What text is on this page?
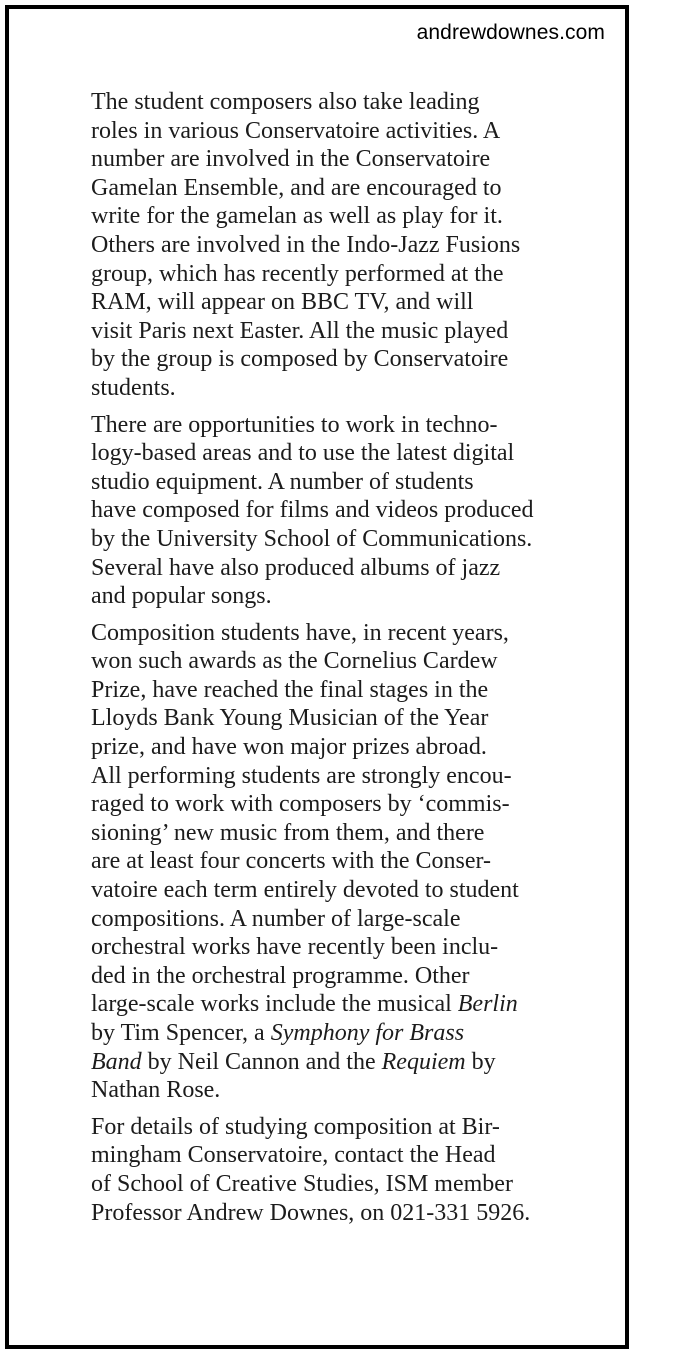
andrewdownes.com

The student composers also take leading
roles in various Conservatoire activities. A
number are involved in the Conservatoire
Gamelan Ensemble, and are encouraged to
write for the gamelan as well as play for it.
Others are involved in the Indo-Jazz Fusions
group, which has recently performed at the
RAM, will appear on BBC TV, and will
visit Paris next Easter. All the music played
by the group is composed by Conservatoire
students.

There are opportunities to work in techno-
logy-based areas and to use the latest digital
studio equipment. A number of students
have composed for films and videos produced
by the University School of Communications.
Several have also produced albums of jazz
and popular songs.

Composition students have, in recent years,
won such awards as the Cornelius Cardew
Prize, have reached the final stages in the
Lloyds Bank Young Musician of the Year
prize, and have won major prizes abroad.
All performing students are strongly encou-
raged to work with composers by ‘commis-
sioning’ new music from them, and there
are at least four concerts with the Conser-
vatoire each term entirely devoted to student
compositions. A number of large-scale
orchestral works have recently been inclu-
ded in the orchestral programme. Other
large-scale works include the musical Berlin
by Tim Spencer, a Symphony for Brass
Band by Neil Cannon and the Requiem by
Nathan Rose.

For details of studying composition at Bir-
mingham Conservatoire, contact the Head
of School of Creative Studies, ISM member
Professor Andrew Downes, on 021-331 5926.
